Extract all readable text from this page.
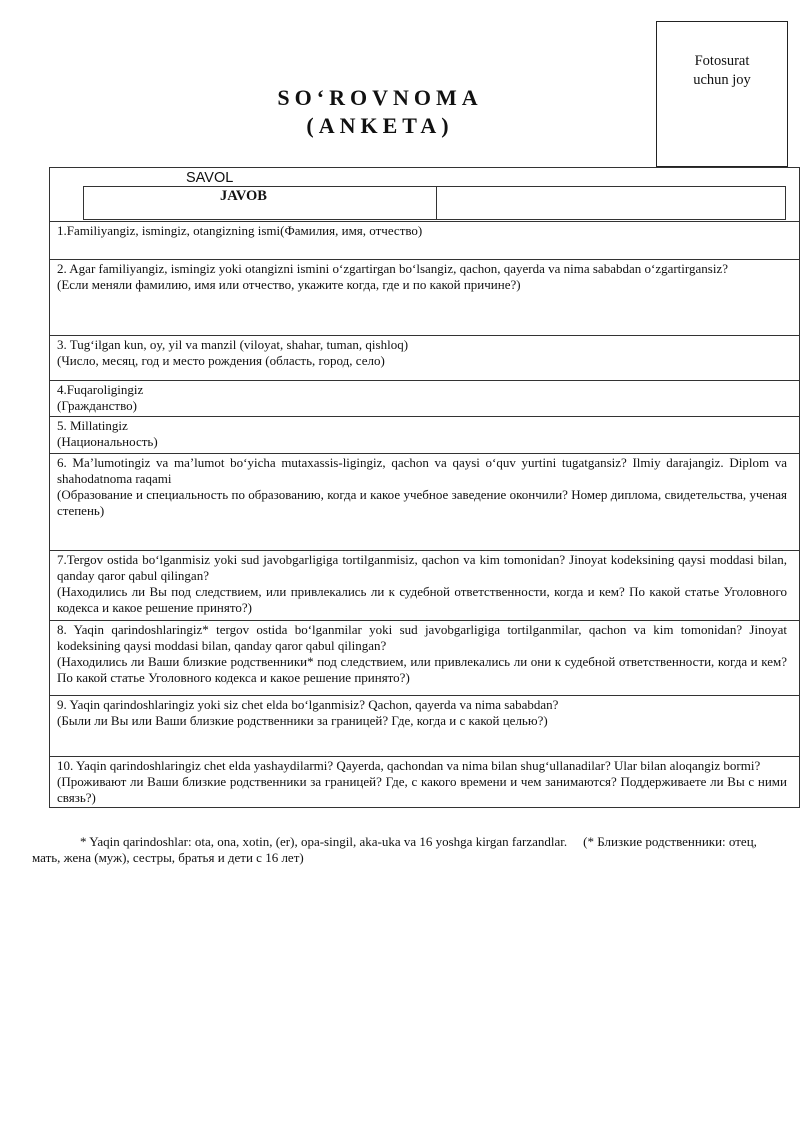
Fotosurat
uchun joy
SO‘ROVNOMA
(ANKETA)
SAVOL
JAVOB

1.Familiyangiz, ismingiz, otangizning ismi(Фамилия, имя, отчество)

2. Agar familiyangiz, ismingiz yoki otangizni ismini o‘zgartirgan bo‘lsangiz, qachon, qayerda va nima sababdan o‘zgartirgansiz?

(Если меняли фамилию, имя или отчество, укажите когда, где и по какой причине?)

3. Tug‘ilgan kun, oy, yil va manzil (viloyat, shahar, tuman, qishloq)

(Число, месяц, год и место рождения (область, город, село)

4.Fuqaroligingiz

(Гражданство)

5. Millatingiz

(Национальность)

6. Ma’lumotingiz va ma’lumot bo‘yicha mutaxassis-ligingiz, qachon va qaysi o‘quv yurtini tugatgansiz? Ilmiy darajangiz. Diplom va shahodatnoma raqami

(Образование и специальность по образованию, когда и какое учебное заведение окончили? Номер диплома, свидетельства, ученая степень)

7.Tergov ostida bo‘lganmisiz yoki sud javobgarligiga tortilganmisiz, qachon va kim tomonidan? Jinoyat kodeksining qaysi moddasi bilan, qanday qaror qabul qilingan?

(Находились ли Вы под следствием, или привлекались ли к судебной ответственности, когда и кем? По какой статье Уголовного кодекса и какое решение принято?)

8. Yaqin qarindoshlaringiz* tergov ostida bo‘lganmilar yoki sud javobgarligiga tortilganmilar, qachon va kim tomonidan? Jinoyat kodeksining qaysi moddasi bilan, qanday qaror qabul qilingan?

(Находились ли Ваши близкие родственники* под следствием, или привлекались ли они к судебной ответственности, когда и кем? По какой статье Уголовного кодекса и какое решение принято?)

9. Yaqin qarindoshlaringiz yoki siz chet elda bo‘lganmisiz? Qachon, qayerda va nima sababdan?

(Были ли Вы или Ваши близкие родственники за границей? Где, когда и с какой целью?)

10. Yaqin qarindoshlaringiz chet elda yashaydilarmi? Qayerda, qachondan va nima bilan shug‘ullanadilar? Ular bilan aloqangiz bormi?

(Проживают ли Ваши близкие родственники за границей? Где, с какого времени и чем занимаются? Поддерживаете ли Вы с ними связь?)

* Yaqin qarindoshlar: ota, ona, xotin, (er), opa-singil, aka-uka va 16 yoshga kirgan farzandlar. (* Близкие родственники: отец, мать, жена (муж), сестры, братья и дети с 16 лет)
